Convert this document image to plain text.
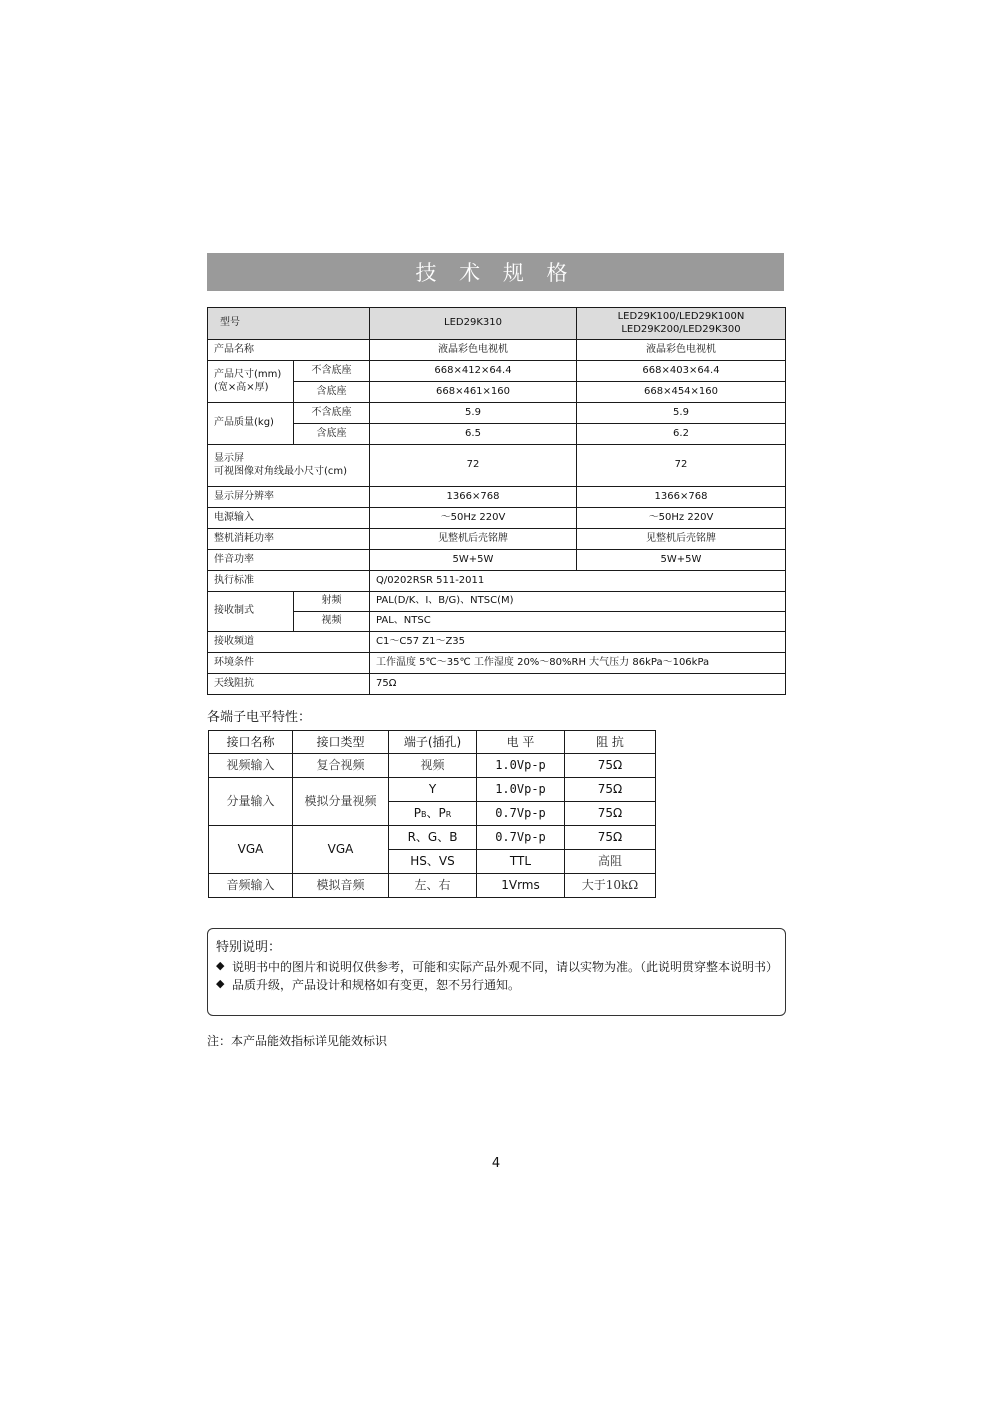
技 术 规 格
型号		LED29K310	LED29K100/LED29K100N
LED29K200/LED29K300

产品名称		液晶彩色电视机	液晶彩色电视机

产品尺寸(mm)
(宽×高×厚)	不含底座	668×412×64.4	668×403×64.4
	含底座	668×461×160	668×454×160
产品质量(kg)	不含底座	5.9	5.9
	含底座	6.5	6.2

显示屏
可视图像对角线最小尺寸(cm)		72	72
显示屏分辨率		1366×768	1366×768
电源输入		～50Hz 220V	～50Hz 220V
整机消耗功率		见整机后壳铭牌	见整机后壳铭牌
伴音功率		5W+5W	5W+5W
执行标准		Q/0202RSR 511-2011	
接收制式	射频	PAL(D/K、Ⅰ、B/G)、NTSC(M)	
	视频	PAL、NTSC	
接收频道		C1～C57 Z1～Z35	
环境条件		工作温度 5℃～35℃ 工作湿度 20%～80%RH 大气压力 86kPa～106kPa	
天线阻抗		75Ω	
各端子电平特性：
接口名称	接口类型	端子(插孔)	电 平	阻 抗
视频输入	复合视频	视频	1.0Vp-p	75Ω
分量输入	模拟分量视频	Y	1.0Vp-p	75Ω
		PB、PR	0.7Vp-p	75Ω
VGA	VGA	R、G、B	0.7Vp-p	75Ω
		HS、VS	TTL	高阻
音频输入	模拟音频	左、右	1Vrms	大于10kΩ
特别说明：
◆ 说明书中的图片和说明仅供参考，可能和实际产品外观不同，请以实物为准。（此说明贯穿整本说明书）
◆ 品质升级，产品设计和规格如有变更，恕不另行通知。
注：本产品能效指标详见能效标识
4
